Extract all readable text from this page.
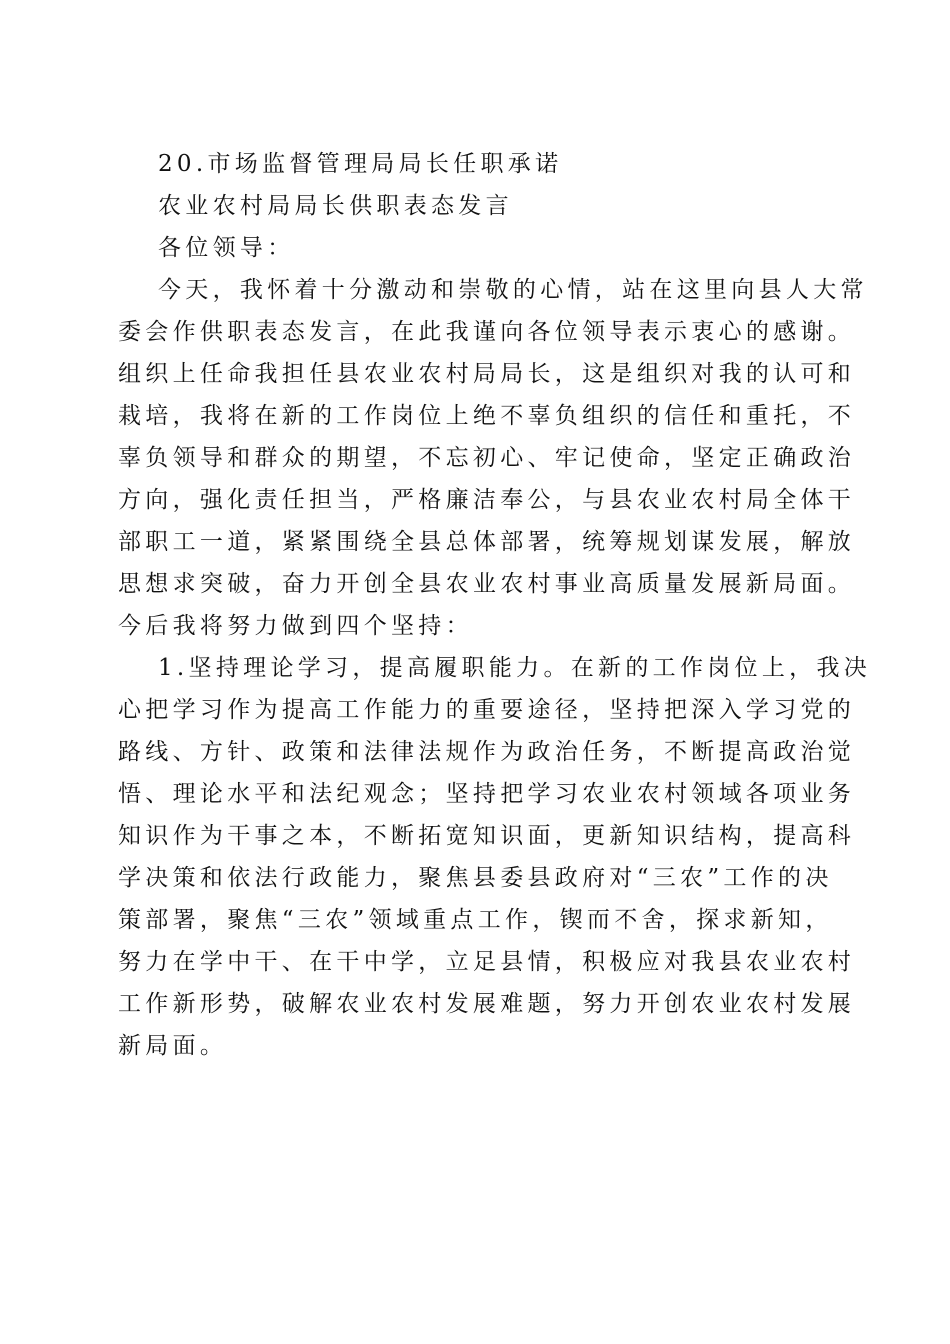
20.市场监督管理局局长任职承诺
农业农村局局长供职表态发言
各位领导：
今天，我怀着十分激动和崇敬的心情，站在这里向县人大常
委会作供职表态发言，在此我谨向各位领导表示衷心的感谢。
组织上任命我担任县农业农村局局长，这是组织对我的认可和
栽培，我将在新的工作岗位上绝不辜负组织的信任和重托，不
辜负领导和群众的期望，不忘初心、牢记使命，坚定正确政治
方向，强化责任担当，严格廉洁奉公，与县农业农村局全体干
部职工一道，紧紧围绕全县总体部署，统筹规划谋发展，解放
思想求突破，奋力开创全县农业农村事业高质量发展新局面。
今后我将努力做到四个坚持：
1.坚持理论学习，提高履职能力。在新的工作岗位上，我决
心把学习作为提高工作能力的重要途径，坚持把深入学习党的
路线、方针、政策和法律法规作为政治任务，不断提高政治觉
悟、理论水平和法纪观念；坚持把学习农业农村领域各项业务
知识作为干事之本，不断拓宽知识面，更新知识结构，提高科
学决策和依法行政能力，聚焦县委县政府对“三农”工作的决
策部署，聚焦“三农”领域重点工作，锲而不舍，探求新知，
努力在学中干、在干中学，立足县情，积极应对我县农业农村
工作新形势，破解农业农村发展难题，努力开创农业农村发展
新局面。
